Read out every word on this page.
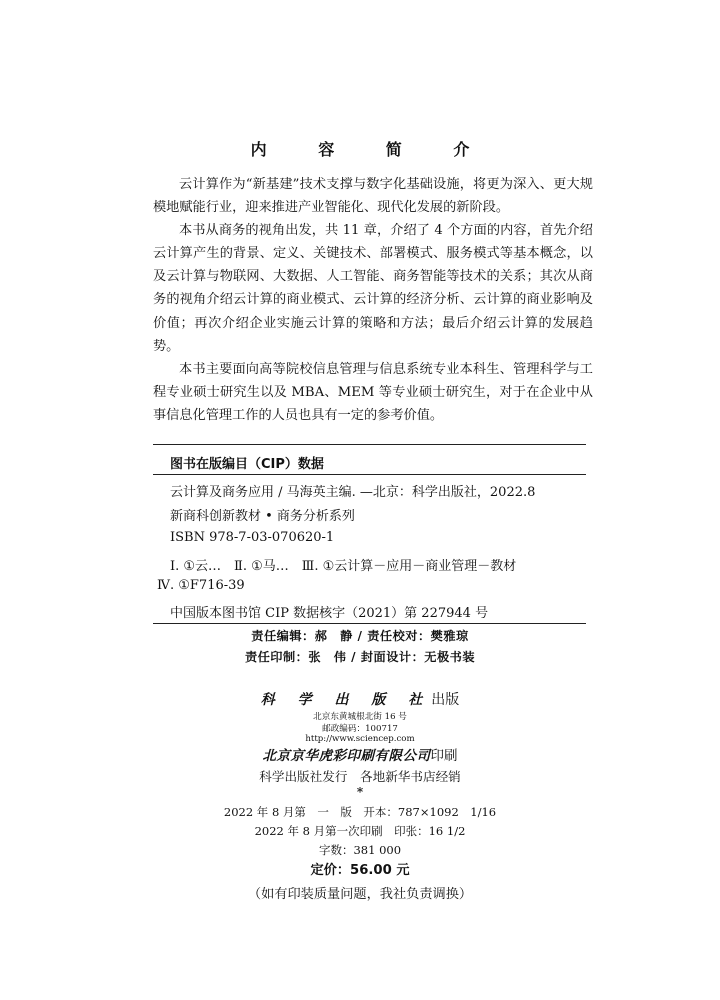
内 容 简 介

云计算作为“新基建”技术支撑与数字化基础设施，将更为深入、更大规模地赋能行业，迎来推进产业智能化、现代化发展的新阶段。

本书从商务的视角出发，共 11 章，介绍了 4 个方面的内容，首先介绍云计算产生的背景、定义、关键技术、部署模式、服务模式等基本概念，以及云计算与物联网、大数据、人工智能、商务智能等技术的关系；其次从商务的视角介绍云计算的商业模式、云计算的经济分析、云计算的商业影响及价值；再次介绍企业实施云计算的策略和方法；最后介绍云计算的发展趋势。

本书主要面向高等院校信息管理与信息系统专业本科生、管理科学与工程专业硕士研究生以及 MBA、MEM 等专业硕士研究生，对于在企业中从事信息化管理工作的人员也具有一定的参考价值。

图书在版编目（CIP）数据
云计算及商务应用 / 马海英主编. —北京：科学出版社，2022.8
新商科创新教材 • 商务分析系列
ISBN 978-7-03-070620-1
Ⅰ. ①云…　Ⅱ. ①马…　Ⅲ. ①云计算－应用－商业管理－教材
Ⅳ. ①F716-39
中国版本图书馆 CIP 数据核字（2021）第 227944 号
责任编辑：郝　静 / 责任校对：樊雅琼
责任印制：张　伟 / 封面设计：无极书装
科 学 出 版 社出版
北京东黄城根北街 16 号
邮政编码：100717
http://www.sciencep.com
北京京华虎彩印刷有限公司印刷
科学出版社发行　各地新华书店经销
*
2022 年 8 月第　一　版　开本：787×1092　1/16
2022 年 8 月第一次印刷　印张：16 1/2
字数：381 000
定价：56.00 元
（如有印装质量问题，我社负责调换）
